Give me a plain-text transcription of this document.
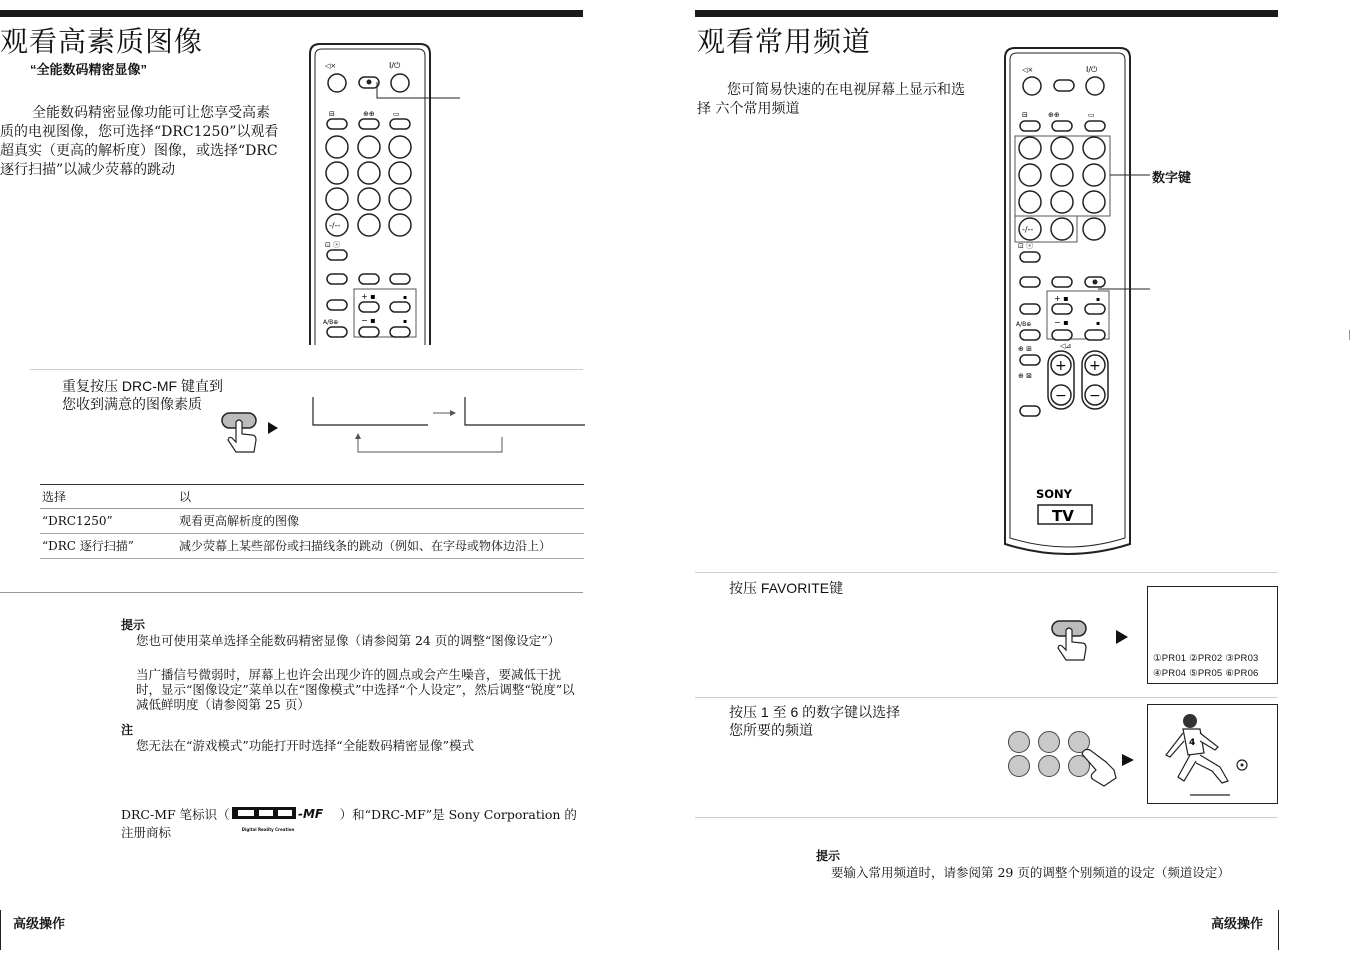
观看高素质图像
“全能数码精密显像”

全能数码精密显像功能可让您享受高素质的电视图像，您可选择“DRC1250”以观看超真实（更高的解析度）图像，或选择“DRC逐行扫描”以减少荧幕的跳动

◁×	I/⏻
⊟	⊕⊕	▭
-/--
⊡ ⓢ
+ ▪	▪
A/B⊕	− ▪	▪

重复按压 DRC-MF 键直到
您收到满意的图像素质

选择	以
“DRC1250”	观看更高解析度的图像
“DRC 逐行扫描”	减少荧幕上某些部份或扫描线条的跳动（例如、在字母或物体边沿上）
提示

您也可使用菜单选择全能数码精密显像（请参阅第 24 页的调整“图像设定”）

当广播信号微弱时，屏幕上也许会出现少许的圆点或会产生噪音，要减低干扰时，显示“图像设定”菜单以在“图像模式”中选择“个人设定”，然后调整“锐度”以减低鲜明度（请参阅第 25 页）

注

您无法在“游戏模式”功能打开时选择“全能数码精密显像”模式

DRC-MF 笔标识（	-MF
Digital Reality Creation
）和“DRC-MF”是 Sony Corporation 的
注册商标
高级操作
观看常用频道

您可简易快速的在电视屏幕上显示和选择 六个常用频道

◁×	I/⏻
⊟	⊕⊕	▭
-/--
⊡ ⓢ
+ ▪	▪
A/B⊕	− ▪	▪
⊕ ⊞	◁⊿
⊕ ⊠
+
−
+
−
SONY
TV
数字键
按压 FAVORITE键
①PR01 ②PR02 ③PR03
④PR04 ⑤PR05 ⑥PR06

按压 1 至 6 的数字键以选择
您所要的频道

4
提示

要输入常用频道时，请参阅第 29 页的调整个别频道的设定（频道设定）

高级操作
